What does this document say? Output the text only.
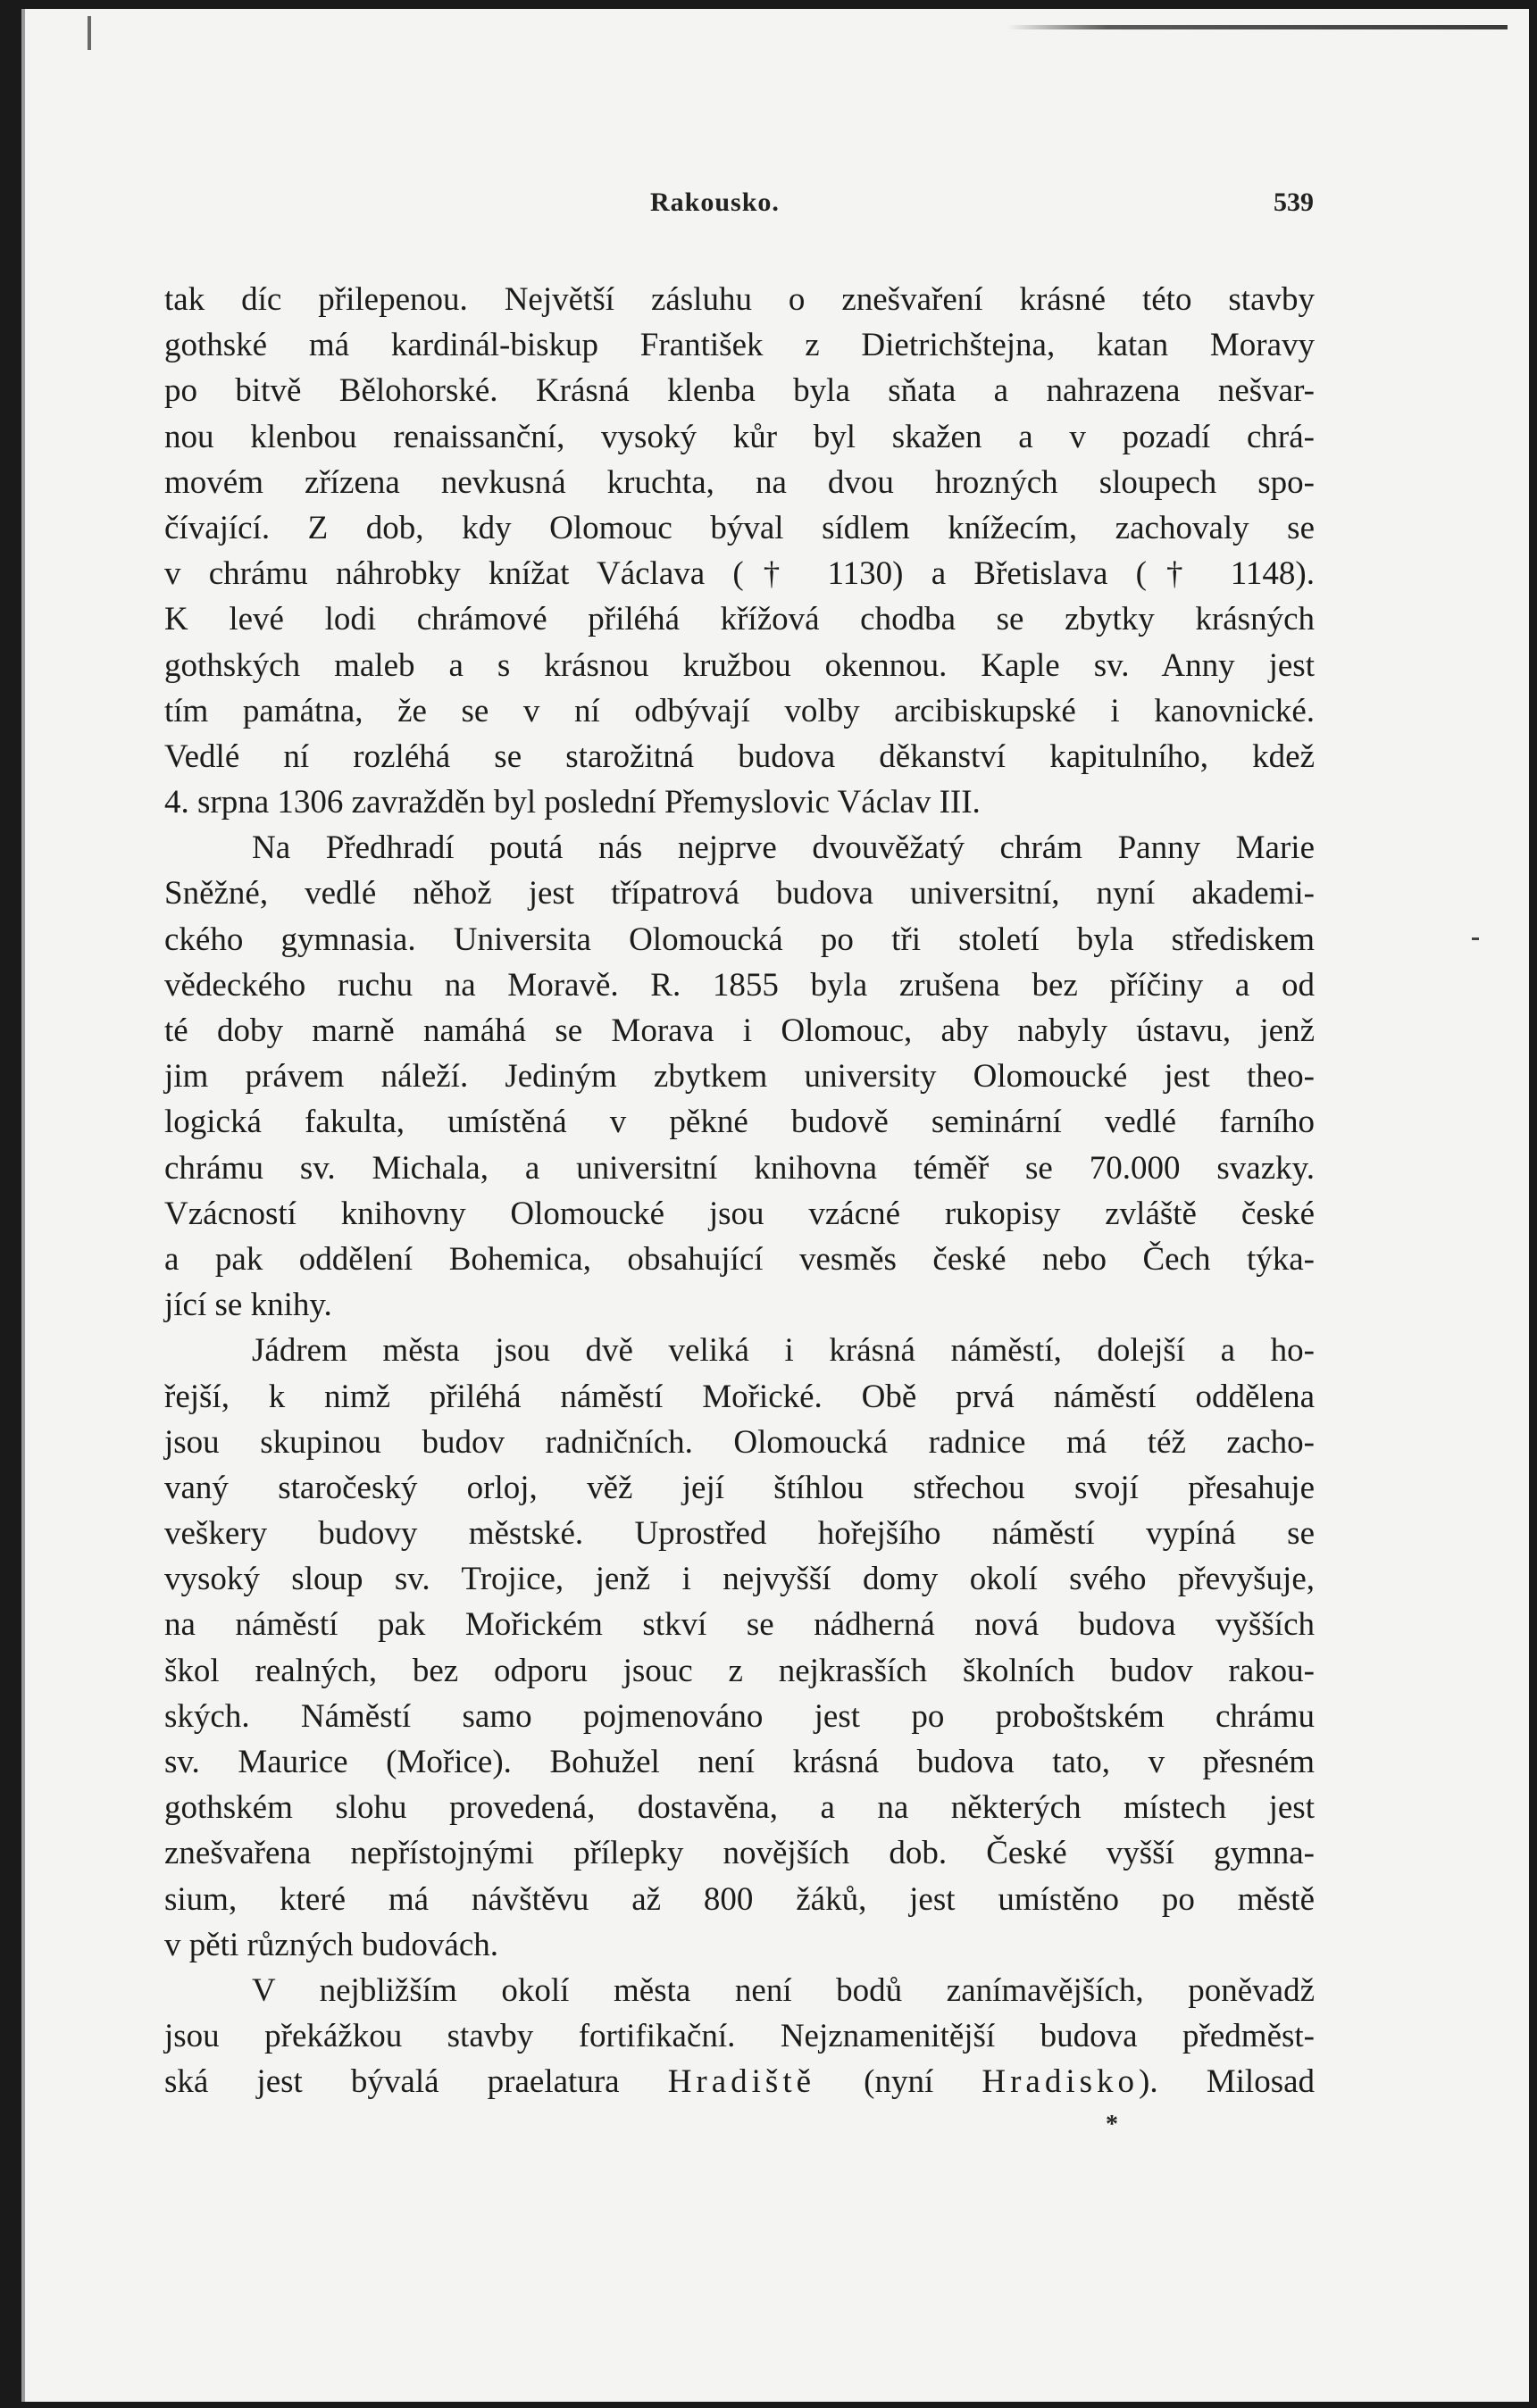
Rakousko.	539
tak díc přilepenou. Největší zásluhu o znešvaření krásné této stavby
gothské má kardinál-biskup František z Dietrichštejna, katan Moravy
po bitvě Bělohorské. Krásná klenba byla sňata a nahrazena nešvar-
nou klenbou renaissanční, vysoký kůr byl skažen a v pozadí chrá-
movém zřízena nevkusná kruchta, na dvou hrozných sloupech spo-
čívající. Z dob, kdy Olomouc býval sídlem knížecím, zachovaly se
v chrámu náhrobky knížat Václava († 1130) a Břetislava († 1148).
K levé lodi chrámové přiléhá křížová chodba se zbytky krásných
gothských maleb a s krásnou kružbou okennou. Kaple sv. Anny jest
tím památna, že se v ní odbývají volby arcibiskupské i kanovnické.
Vedlé ní rozléhá se starožitná budova děkanství kapitulního, kdež
4. srpna 1306 zavražděn byl poslední Přemyslovic Václav III.
Na Předhradí poutá nás nejprve dvouvěžatý chrám Panny Marie
Sněžné, vedlé něhož jest třípatrová budova universitní, nyní akademi-
ckého gymnasia. Universita Olomoucká po tři století byla střediskem
vědeckého ruchu na Moravě. R. 1855 byla zrušena bez příčiny a od
té doby marně namáhá se Morava i Olomouc, aby nabyly ústavu, jenž
jim právem náleží. Jediným zbytkem university Olomoucké jest theo-
logická fakulta, umístěná v pěkné budově seminární vedlé farního
chrámu sv. Michala, a universitní knihovna téměř se 70.000 svazky.
Vzácností knihovny Olomoucké jsou vzácné rukopisy zvláště české
a pak oddělení Bohemica, obsahující vesměs české nebo Čech týka-
jící se knihy.
Jádrem města jsou dvě veliká i krásná náměstí, dolejší a ho-
řejší, k nimž přiléhá náměstí Mořické. Obě prvá náměstí oddělena
jsou skupinou budov radničních. Olomoucká radnice má též zacho-
vaný staročeský orloj, věž její štíhlou střechou svojí přesahuje
veškery budovy městské. Uprostřed hořejšího náměstí vypíná se
vysoký sloup sv. Trojice, jenž i nejvyšší domy okolí svého převyšuje,
na náměstí pak Mořickém stkví se nádherná nová budova vyšších
škol realných, bez odporu jsouc z nejkrasších školních budov rakou-
ských. Náměstí samo pojmenováno jest po proboštském chrámu
sv. Maurice (Mořice). Bohužel není krásná budova tato, v přesném
gothském slohu provedená, dostavěna, a na některých místech jest
znešvařena nepřístojnými přílepky novějších dob. České vyšší gymna-
sium, které má návštěvu až 800 žáků, jest umístěno po městě
v pěti různých budovách.
V nejbližším okolí města není bodů zanímavějších, poněvadž
jsou překážkou stavby fortifikační. Nejznamenitější budova předměst-
ská jest bývalá praelatura Hradiště (nyní Hradisko). Milosad
*
